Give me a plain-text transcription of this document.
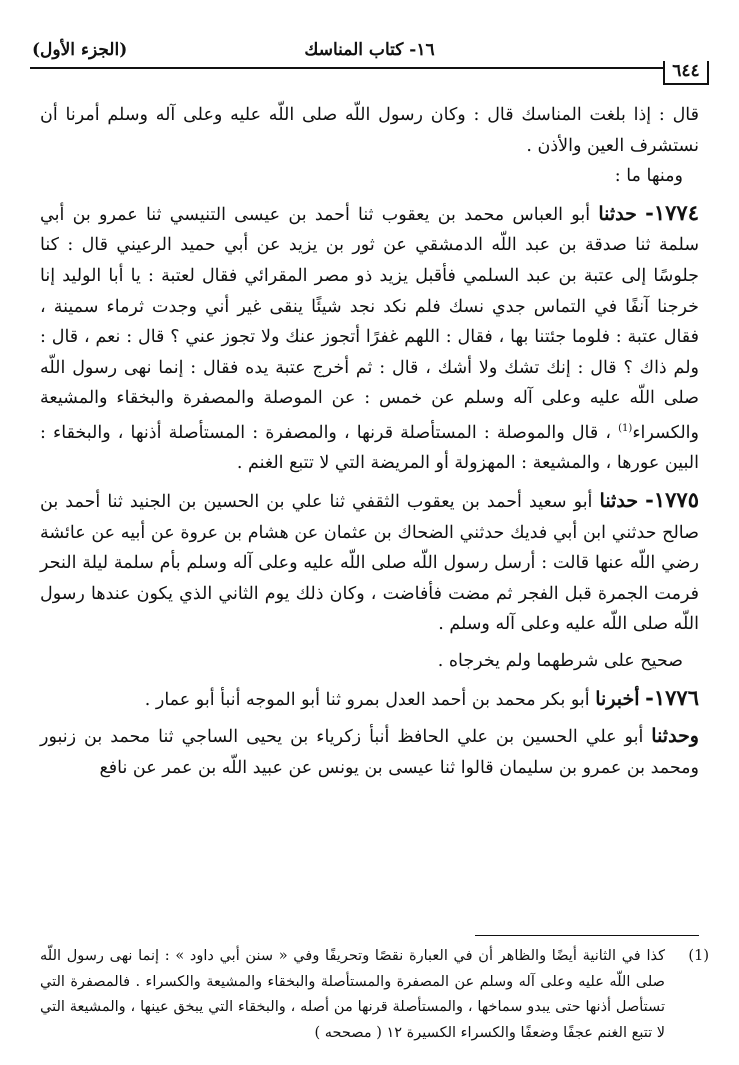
(الجزء الأول)	١٦- كتاب المناسك
٦٤٤

قال : إذا بلغت المناسك قال : وكان رسول اللّه صلى اللّه عليه وعلى آله وسلم أمرنا أن نستشرف العين والأذن .

ومنها ما :

١٧٧٤- حدثنا أبو العباس محمد بن يعقوب ثنا أحمد بن عيسى التنيسي ثنا عمرو بن أبي سلمة ثنا صدقة بن عبد اللّه الدمشقي عن ثور بن يزيد عن أبي حميد الرعيني قال : كنا جلوسًا إلى عتبة بن عبد السلمي فأقبل يزيد ذو مصر المقرائي فقال لعتبة : يا أبا الوليد إنا خرجنا آنفًا في التماس جدي نسك فلم نكد نجد شيئًا ينقى غير أني وجدت ثرماء سمينة ، فقال عتبة : فلوما جئتنا بها ، فقال : اللهم غفرًا أتجوز عنك ولا تجوز عني ؟ قال : نعم ، قال : ولم ذاك ؟ قال : إنك تشك ولا أشك ، قال : ثم أخرج عتبة يده فقال : إنما نهى رسول اللّه صلى اللّه عليه وعلى آله وسلم عن خمس : عن الموصلة والمصفرة والبخقاء والمشيعة والكسراء$^{(1)}$ ، قال والموصلة : المستأصلة قرنها ، والمصفرة : المستأصلة أذنها ، والبخقاء : البين عورها ، والمشيعة : المهزولة أو المريضة التي لا تتبع الغنم .

١٧٧٥- حدثنا أبو سعيد أحمد بن يعقوب الثقفي ثنا علي بن الحسين بن الجنيد ثنا أحمد بن صالح حدثني ابن أبي فديك حدثني الضحاك بن عثمان عن هشام بن عروة عن أبيه عن عائشة رضي اللّه عنها قالت : أرسل رسول اللّه صلى اللّه عليه وعلى آله وسلم بأم سلمة ليلة النحر فرمت الجمرة قبل الفجر ثم مضت فأفاضت ، وكان ذلك يوم الثاني الذي يكون عندها رسول اللّه صلى اللّه عليه وعلى آله وسلم .

صحيح على شرطهما ولم يخرجاه .

١٧٧٦- أخبرنا أبو بكر محمد بن أحمد العدل بمرو ثنا أبو الموجه أنبأ أبو عمار .

وحدثنا أبو علي الحسين بن علي الحافظ أنبأ زكرياء بن يحيى الساجي ثنا محمد بن زنبور ومحمد بن عمرو بن سليمان قالوا ثنا عيسى بن يونس عن عبيد اللّه بن عمر عن نافع

(1)
كذا في الثانية أيضًا والظاهر أن في العبارة نقصًا وتحريفًا وفي « سنن أبي داود » : إنما نهى رسول اللّه صلى اللّه عليه وعلى آله وسلم عن المصفرة والمستأصلة والبخقاء والمشيعة والكسراء . فالمصفرة التي تستأصل أذنها حتى يبدو سماخها ، والمستأصلة قرنها من أصله ، والبخقاء التي يبخق عينها ، والمشيعة التي لا تتبع الغنم عجفًا وضعفًا والكسراء الكسيرة ١٢ ( مصححه )
